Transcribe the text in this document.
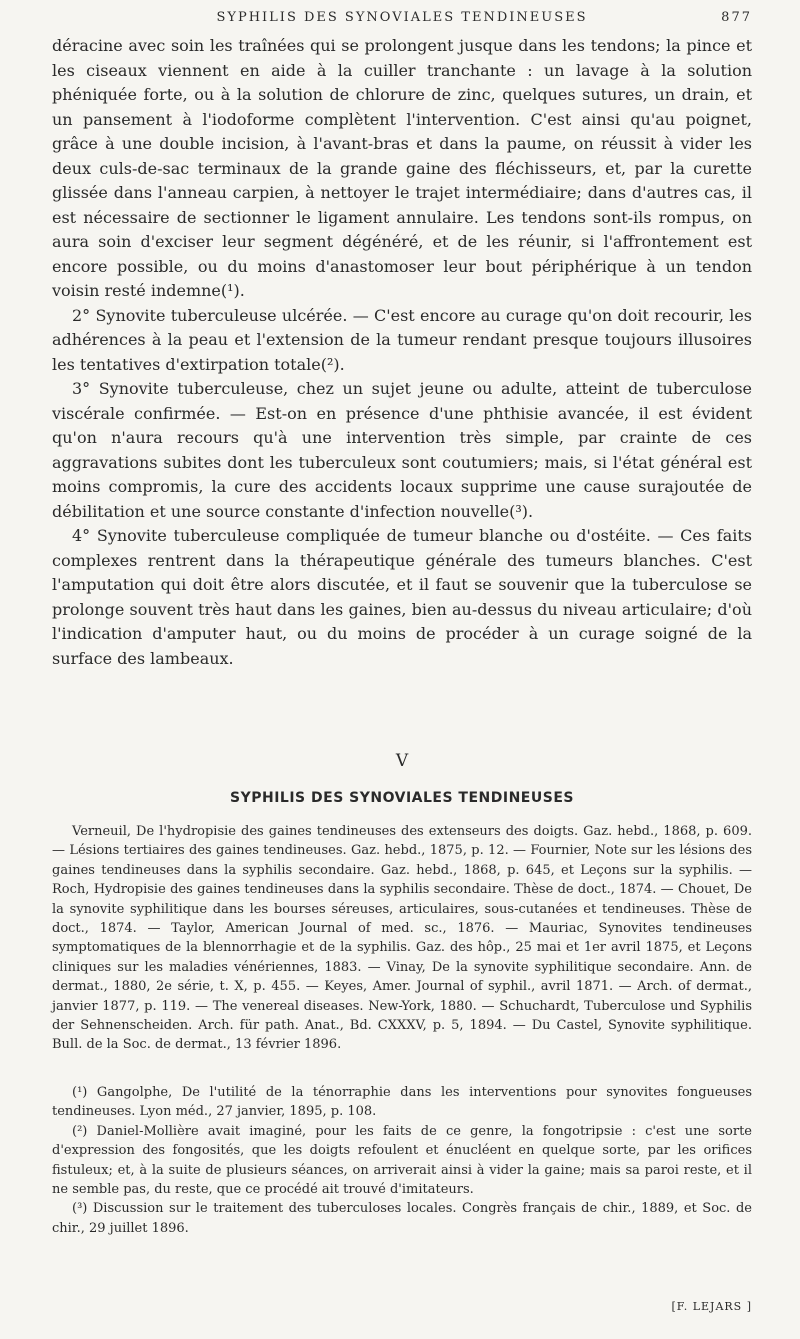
SYPHILIS DES SYNOVIALES TENDINEUSES	877

déracine avec soin les traînées qui se prolongent jusque dans les tendons; la pince et les ciseaux viennent en aide à la cuiller tranchante : un lavage à la solution phéniquée forte, ou à la solution de chlorure de zinc, quelques sutures, un drain, et un pansement à l'iodoforme complètent l'intervention. C'est ainsi qu'au poignet, grâce à une double incision, à l'avant-bras et dans la paume, on réussit à vider les deux culs-de-sac terminaux de la grande gaine des fléchisseurs, et, par la curette glissée dans l'anneau carpien, à nettoyer le trajet intermédiaire; dans d'autres cas, il est nécessaire de sectionner le ligament annulaire. Les tendons sont-ils rompus, on aura soin d'exciser leur segment dégénéré, et de les réunir, si l'affrontement est encore possible, ou du moins d'anastomoser leur bout périphérique à un tendon voisin resté indemne(¹).

2° Synovite tuberculeuse ulcérée. — C'est encore au curage qu'on doit recourir, les adhérences à la peau et l'extension de la tumeur rendant presque toujours illusoires les tentatives d'extirpation totale(²).

3° Synovite tuberculeuse, chez un sujet jeune ou adulte, atteint de tuberculose viscérale confirmée. — Est-on en présence d'une phthisie avancée, il est évident qu'on n'aura recours qu'à une intervention très simple, par crainte de ces aggravations subites dont les tuberculeux sont coutumiers; mais, si l'état général est moins compromis, la cure des accidents locaux supprime une cause surajoutée de débilitation et une source constante d'infection nouvelle(³).

4° Synovite tuberculeuse compliquée de tumeur blanche ou d'ostéite. — Ces faits complexes rentrent dans la thérapeutique générale des tumeurs blanches. C'est l'amputation qui doit être alors discutée, et il faut se souvenir que la tuberculose se prolonge souvent très haut dans les gaines, bien au-dessus du niveau articulaire; d'où l'indication d'amputer haut, ou du moins de procéder à un curage soigné de la surface des lambeaux.

V
SYPHILIS DES SYNOVIALES TENDINEUSES

Verneuil, De l'hydropisie des gaines tendineuses des extenseurs des doigts. Gaz. hebd., 1868, p. 609. — Lésions tertiaires des gaines tendineuses. Gaz. hebd., 1875, p. 12. — Fournier, Note sur les lésions des gaines tendineuses dans la syphilis secondaire. Gaz. hebd., 1868, p. 645, et Leçons sur la syphilis. — Roch, Hydropisie des gaines tendineuses dans la syphilis secondaire. Thèse de doct., 1874. — Chouet, De la synovite syphilitique dans les bourses séreuses, articulaires, sous-cutanées et tendineuses. Thèse de doct., 1874. — Taylor, American Journal of med. sc., 1876. — Mauriac, Synovites tendineuses symptomatiques de la blennorrhagie et de la syphilis. Gaz. des hôp., 25 mai et 1er avril 1875, et Leçons cliniques sur les maladies vénériennes, 1883. — Vinay, De la synovite syphilitique secondaire. Ann. de dermat., 1880, 2e série, t. X, p. 455. — Keyes, Amer. Journal of syphil., avril 1871. — Arch. of dermat., janvier 1877, p. 119. — The venereal diseases. New-York, 1880. — Schuchardt, Tuberculose und Syphilis der Sehnenscheiden. Arch. für path. Anat., Bd. CXXXV, p. 5, 1894. — Du Castel, Synovite syphilitique. Bull. de la Soc. de dermat., 13 février 1896.

(¹) Gangolphe, De l'utilité de la ténorraphie dans les interventions pour synovites fongueuses tendineuses. Lyon méd., 27 janvier, 1895, p. 108.

(²) Daniel-Mollière avait imaginé, pour les faits de ce genre, la fongotripsie : c'est une sorte d'expression des fongosités, que les doigts refoulent et énucléent en quelque sorte, par les orifices fistuleux; et, à la suite de plusieurs séances, on arriverait ainsi à vider la gaine; mais sa paroi reste, et il ne semble pas, du reste, que ce procédé ait trouvé d'imitateurs.

(³) Discussion sur le traitement des tuberculoses locales. Congrès français de chir., 1889, et Soc. de chir., 29 juillet 1896.

[F. LEJARS ]
